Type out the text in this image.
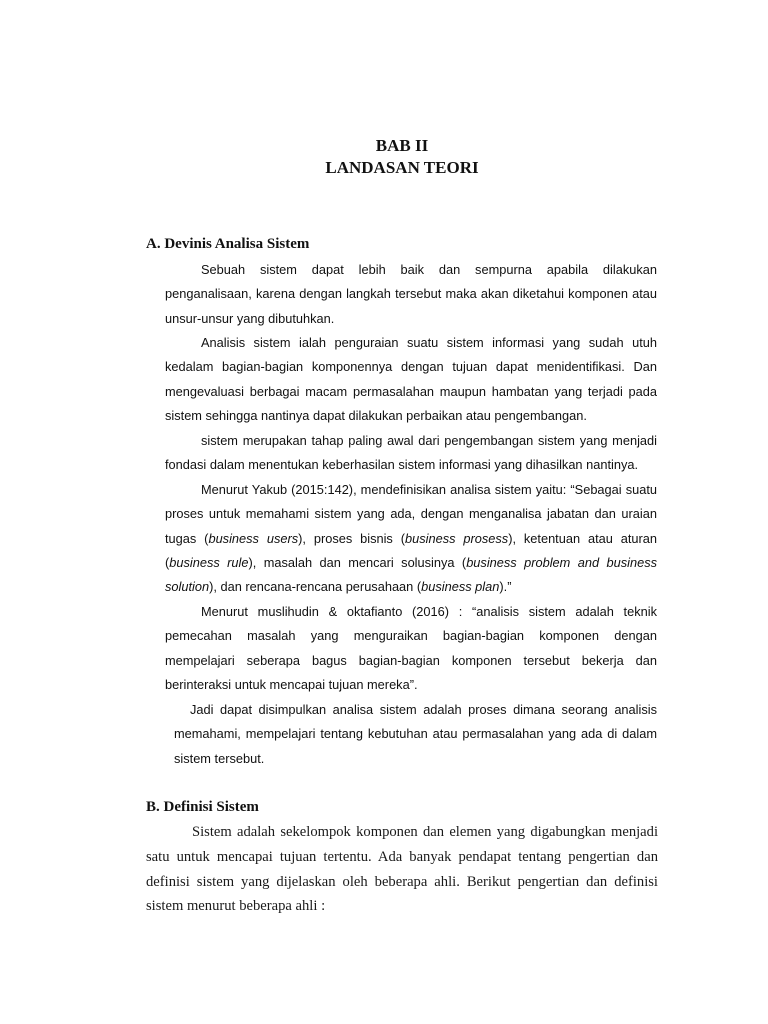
BAB II
LANDASAN TEORI
A. Devinis Analisa Sistem

Sebuah sistem dapat lebih baik dan sempurna apabila dilakukan penganalisaan, karena dengan langkah tersebut maka akan diketahui komponen atau unsur-unsur yang dibutuhkan.

Analisis sistem ialah penguraian suatu sistem informasi yang sudah utuh kedalam bagian-bagian komponennya dengan tujuan dapat menidentifikasi. Dan mengevaluasi berbagai macam permasalahan maupun hambatan yang terjadi pada sistem sehingga nantinya dapat dilakukan perbaikan atau pengembangan.

sistem merupakan tahap paling awal dari pengembangan sistem yang menjadi fondasi dalam menentukan keberhasilan sistem informasi yang dihasilkan nantinya.

Menurut Yakub (2015:142), mendefinisikan analisa sistem yaitu: “Sebagai suatu proses untuk memahami sistem yang ada, dengan menganalisa jabatan dan uraian tugas (business users), proses bisnis (business prosess), ketentuan atau aturan (business rule), masalah dan mencari solusinya (business problem and business solution), dan rencana-rencana perusahaan (business plan).”

Menurut muslihudin & oktafianto (2016) : “analisis sistem adalah teknik pemecahan masalah yang menguraikan bagian-bagian komponen dengan mempelajari seberapa bagus bagian-bagian komponen tersebut bekerja dan berinteraksi untuk mencapai tujuan mereka”.

Jadi dapat disimpulkan analisa sistem adalah proses dimana seorang analisis memahami, mempelajari tentang kebutuhan atau permasalahan yang ada di dalam sistem tersebut.

B. Definisi Sistem

Sistem adalah sekelompok komponen dan elemen yang digabungkan menjadi satu untuk mencapai tujuan tertentu. Ada banyak pendapat tentang pengertian dan definisi sistem yang dijelaskan oleh beberapa ahli. Berikut pengertian dan definisi sistem menurut beberapa ahli :
